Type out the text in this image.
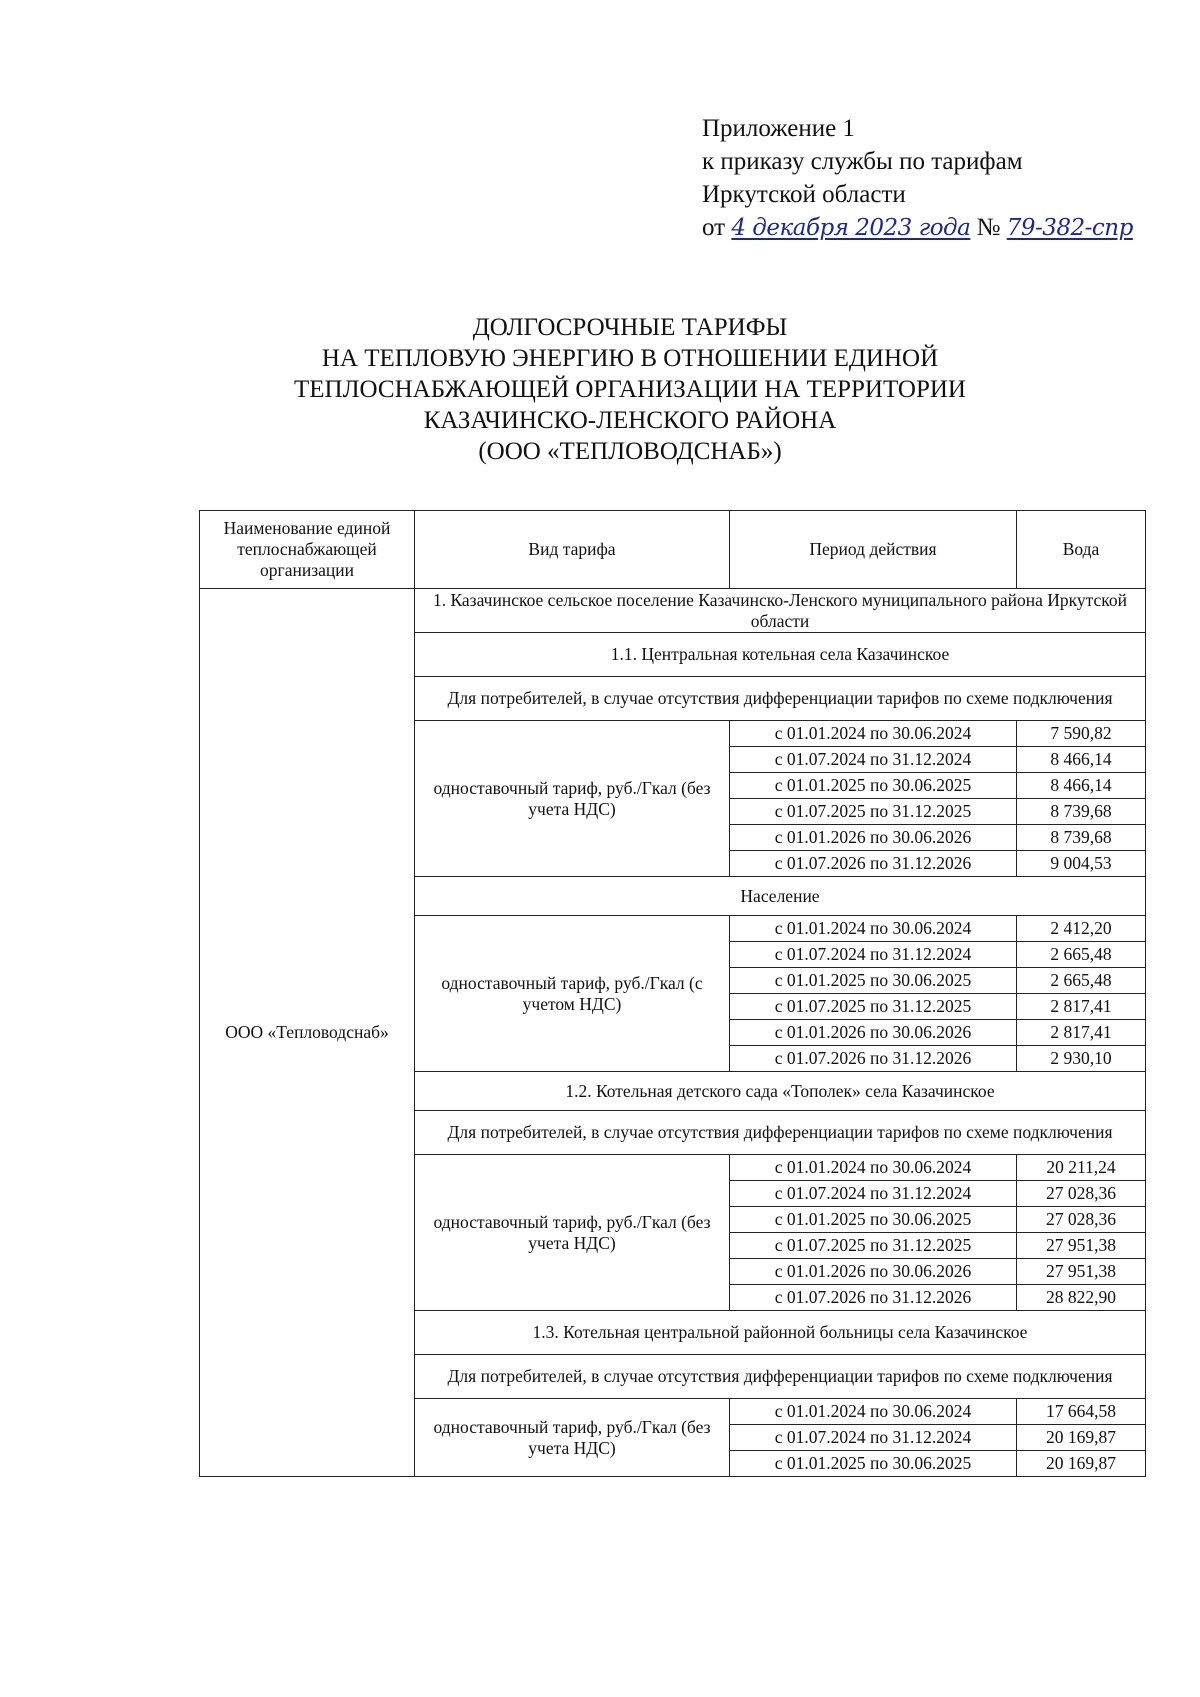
Приложение 1
к приказу службы по тарифам
Иркутской области
от 4 декабря 2023 года № 79-382-спр
ДОЛГОСРОЧНЫЕ ТАРИФЫ
НА ТЕПЛОВУЮ ЭНЕРГИЮ В ОТНОШЕНИИ ЕДИНОЙ
ТЕПЛОСНАБЖАЮЩЕЙ ОРГАНИЗАЦИИ НА ТЕРРИТОРИИ
КАЗАЧИНСКО-ЛЕНСКОГО РАЙОНА
(ООО «ТЕПЛОВОДСНАБ»)
Наименование единой теплоснабжающей организации	Вид тарифа	Период действия	Вода
ООО «Тепловодснаб»	1. Казачинское сельское поселение Казачинско-Ленского муниципального района Иркутской области		
	1.1. Центральная котельная села Казачинское		
	Для потребителей, в случае отсутствия дифференциации тарифов по схеме подключения		
	одноставочный тариф, руб./Гкал (без учета НДС)	с 01.01.2024 по 30.06.2024	7 590,82
		с 01.07.2024 по 31.12.2024	8 466,14
		с 01.01.2025 по 30.06.2025	8 466,14
		с 01.07.2025 по 31.12.2025	8 739,68
		с 01.01.2026 по 30.06.2026	8 739,68
		с 01.07.2026 по 31.12.2026	9 004,53
	Население		
	одноставочный тариф, руб./Гкал (с учетом НДС)	с 01.01.2024 по 30.06.2024	2 412,20
		с 01.07.2024 по 31.12.2024	2 665,48
		с 01.01.2025 по 30.06.2025	2 665,48
		с 01.07.2025 по 31.12.2025	2 817,41
		с 01.01.2026 по 30.06.2026	2 817,41
		с 01.07.2026 по 31.12.2026	2 930,10
	1.2. Котельная детского сада «Тополек» села Казачинское		
	Для потребителей, в случае отсутствия дифференциации тарифов по схеме подключения		
	одноставочный тариф, руб./Гкал (без учета НДС)	с 01.01.2024 по 30.06.2024	20 211,24
		с 01.07.2024 по 31.12.2024	27 028,36
		с 01.01.2025 по 30.06.2025	27 028,36
		с 01.07.2025 по 31.12.2025	27 951,38
		с 01.01.2026 по 30.06.2026	27 951,38
		с 01.07.2026 по 31.12.2026	28 822,90
	1.3. Котельная центральной районной больницы села Казачинское		
	Для потребителей, в случае отсутствия дифференциации тарифов по схеме подключения		
	одноставочный тариф, руб./Гкал (без учета НДС)	с 01.01.2024 по 30.06.2024	17 664,58
		с 01.07.2024 по 31.12.2024	20 169,87
		с 01.01.2025 по 30.06.2025	20 169,87
